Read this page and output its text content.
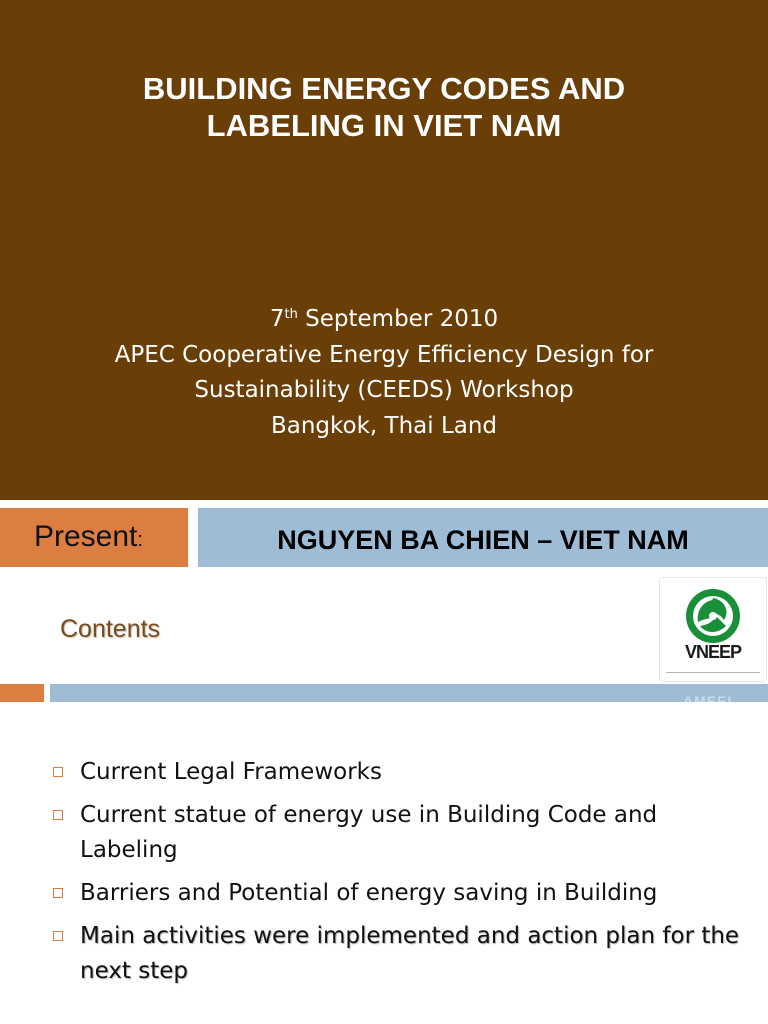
BUILDING ENERGY CODES AND
LABELING IN VIET NAM
7th September 2010
APEC Cooperative Energy Efficiency Design for
Sustainability (CEEDS) Workshop
Bangkok, Thai Land
Present:	NGUYEN BA CHIEN – VIET NAM
Contents
VNEEP
AMEEL
Current Legal Frameworks
Current statue of energy use in Building Code and Labeling
Barriers and Potential of energy saving in Building
Main activities were implemented and action plan for the next step
